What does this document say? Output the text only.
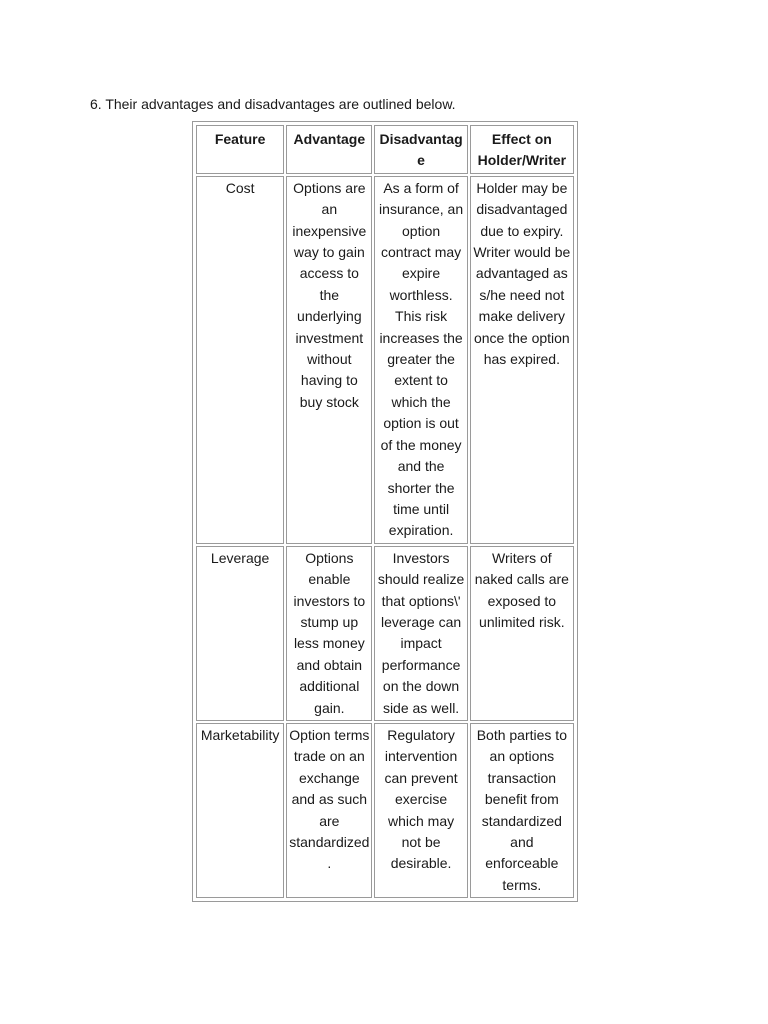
6. Their advantages and disadvantages are outlined below.

Feature	Advantage	Disadvantag e	Effect on Holder/Writer
Cost	Options are an inexpensive way to gain access to the underlying investment without having to buy stock	As a form of insurance, an option contract may expire worthless. This risk increases the greater the extent to which the option is out of the money and the shorter the time until expiration.	Holder may be disadvantaged due to expiry. Writer would be advantaged as s/he need not make delivery once the option has expired.
Leverage	Options enable investors to stump up less money and obtain additional gain.	Investors should realize that options\' leverage can impact performance on the down side as well.	Writers of naked calls are exposed to unlimited risk.
Marketability	Option terms trade on an exchange and as such are standardized .	Regulatory intervention can prevent exercise which may not be desirable.	Both parties to an options transaction benefit from standardized and enforceable terms.
